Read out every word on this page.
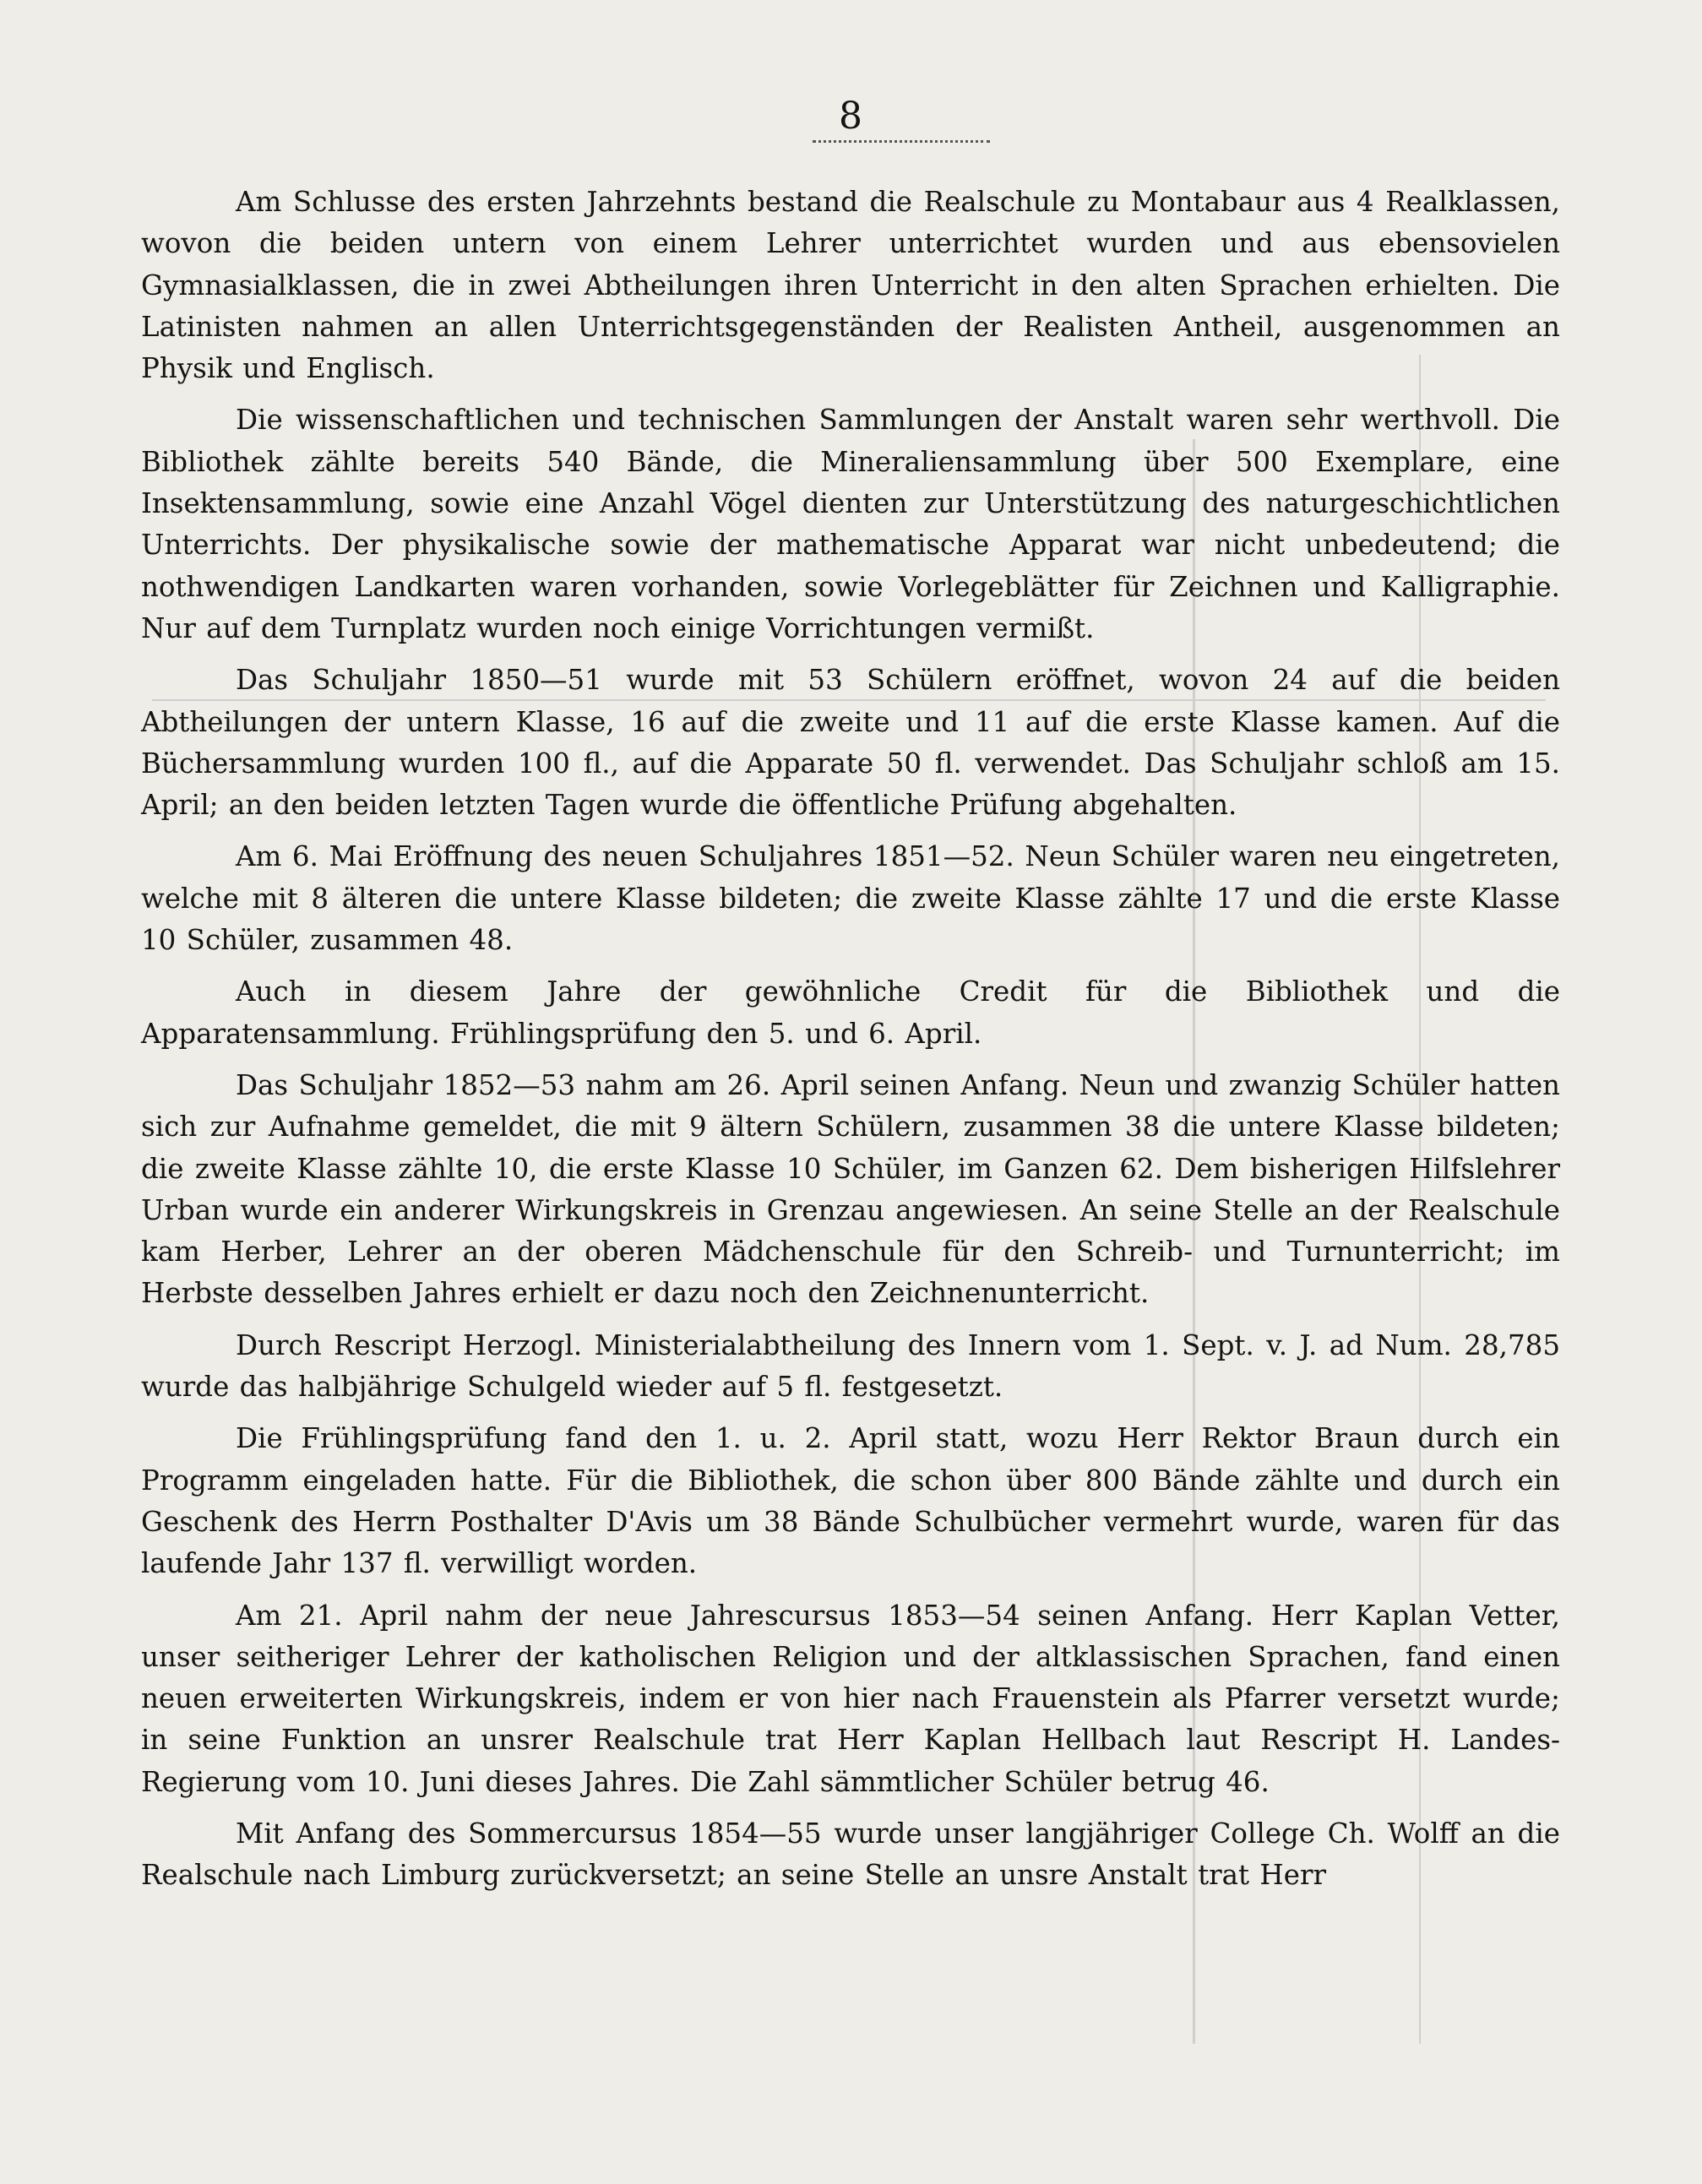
8

Am Schlusse des ersten Jahrzehnts bestand die Realschule zu Montabaur aus 4 Realklassen, wovon die beiden untern von einem Lehrer unterrichtet wurden und aus ebensovielen Gymnasialklassen, die in zwei Abtheilungen ihren Unterricht in den alten Sprachen erhielten. Die Latinisten nahmen an allen Unterrichtsgegenständen der Realisten Antheil, ausgenommen an Physik und Englisch.

Die wissenschaftlichen und technischen Sammlungen der Anstalt waren sehr werthvoll. Die Bibliothek zählte bereits 540 Bände, die Mineraliensammlung über 500 Exemplare, eine Insektensammlung, sowie eine Anzahl Vögel dienten zur Unterstützung des naturgeschichtlichen Unterrichts. Der physikalische sowie der mathematische Apparat war nicht unbedeutend; die nothwendigen Landkarten waren vorhanden, sowie Vorlegeblätter für Zeichnen und Kalligraphie. Nur auf dem Turnplatz wurden noch einige Vorrichtungen vermißt.

Das Schuljahr 1850—51 wurde mit 53 Schülern eröffnet, wovon 24 auf die beiden Abtheilungen der untern Klasse, 16 auf die zweite und 11 auf die erste Klasse kamen. Auf die Büchersammlung wurden 100 fl., auf die Apparate 50 fl. verwendet. Das Schuljahr schloß am 15. April; an den beiden letzten Tagen wurde die öffentliche Prüfung abgehalten.

Am 6. Mai Eröffnung des neuen Schuljahres 1851—52. Neun Schüler waren neu eingetreten, welche mit 8 älteren die untere Klasse bildeten; die zweite Klasse zählte 17 und die erste Klasse 10 Schüler, zusammen 48.

Auch in diesem Jahre der gewöhnliche Credit für die Bibliothek und die Apparatensammlung. Frühlingsprüfung den 5. und 6. April.

Das Schuljahr 1852—53 nahm am 26. April seinen Anfang. Neun und zwanzig Schüler hatten sich zur Aufnahme gemeldet, die mit 9 ältern Schülern, zusammen 38 die untere Klasse bildeten; die zweite Klasse zählte 10, die erste Klasse 10 Schüler, im Ganzen 62. Dem bisherigen Hilfslehrer Urban wurde ein anderer Wirkungskreis in Grenzau angewiesen. An seine Stelle an der Realschule kam Herber, Lehrer an der oberen Mädchenschule für den Schreib- und Turnunterricht; im Herbste desselben Jahres erhielt er dazu noch den Zeichnenunterricht.

Durch Rescript Herzogl. Ministerialabtheilung des Innern vom 1. Sept. v. J. ad Num. 28,785 wurde das halbjährige Schulgeld wieder auf 5 fl. festgesetzt.

Die Frühlingsprüfung fand den 1. u. 2. April statt, wozu Herr Rektor Braun durch ein Programm eingeladen hatte. Für die Bibliothek, die schon über 800 Bände zählte und durch ein Geschenk des Herrn Posthalter D'Avis um 38 Bände Schulbücher vermehrt wurde, waren für das laufende Jahr 137 fl. verwilligt worden.

Am 21. April nahm der neue Jahrescursus 1853—54 seinen Anfang. Herr Kaplan Vetter, unser seitheriger Lehrer der katholischen Religion und der altklassischen Sprachen, fand einen neuen erweiterten Wirkungskreis, indem er von hier nach Frauenstein als Pfarrer versetzt wurde; in seine Funktion an unsrer Realschule trat Herr Kaplan Hellbach laut Rescript H. Landes-Regierung vom 10. Juni dieses Jahres. Die Zahl sämmtlicher Schüler betrug 46.

Mit Anfang des Sommercursus 1854—55 wurde unser langjähriger College Ch. Wolff an die Realschule nach Limburg zurückversetzt; an seine Stelle an unsre Anstalt trat Herr
